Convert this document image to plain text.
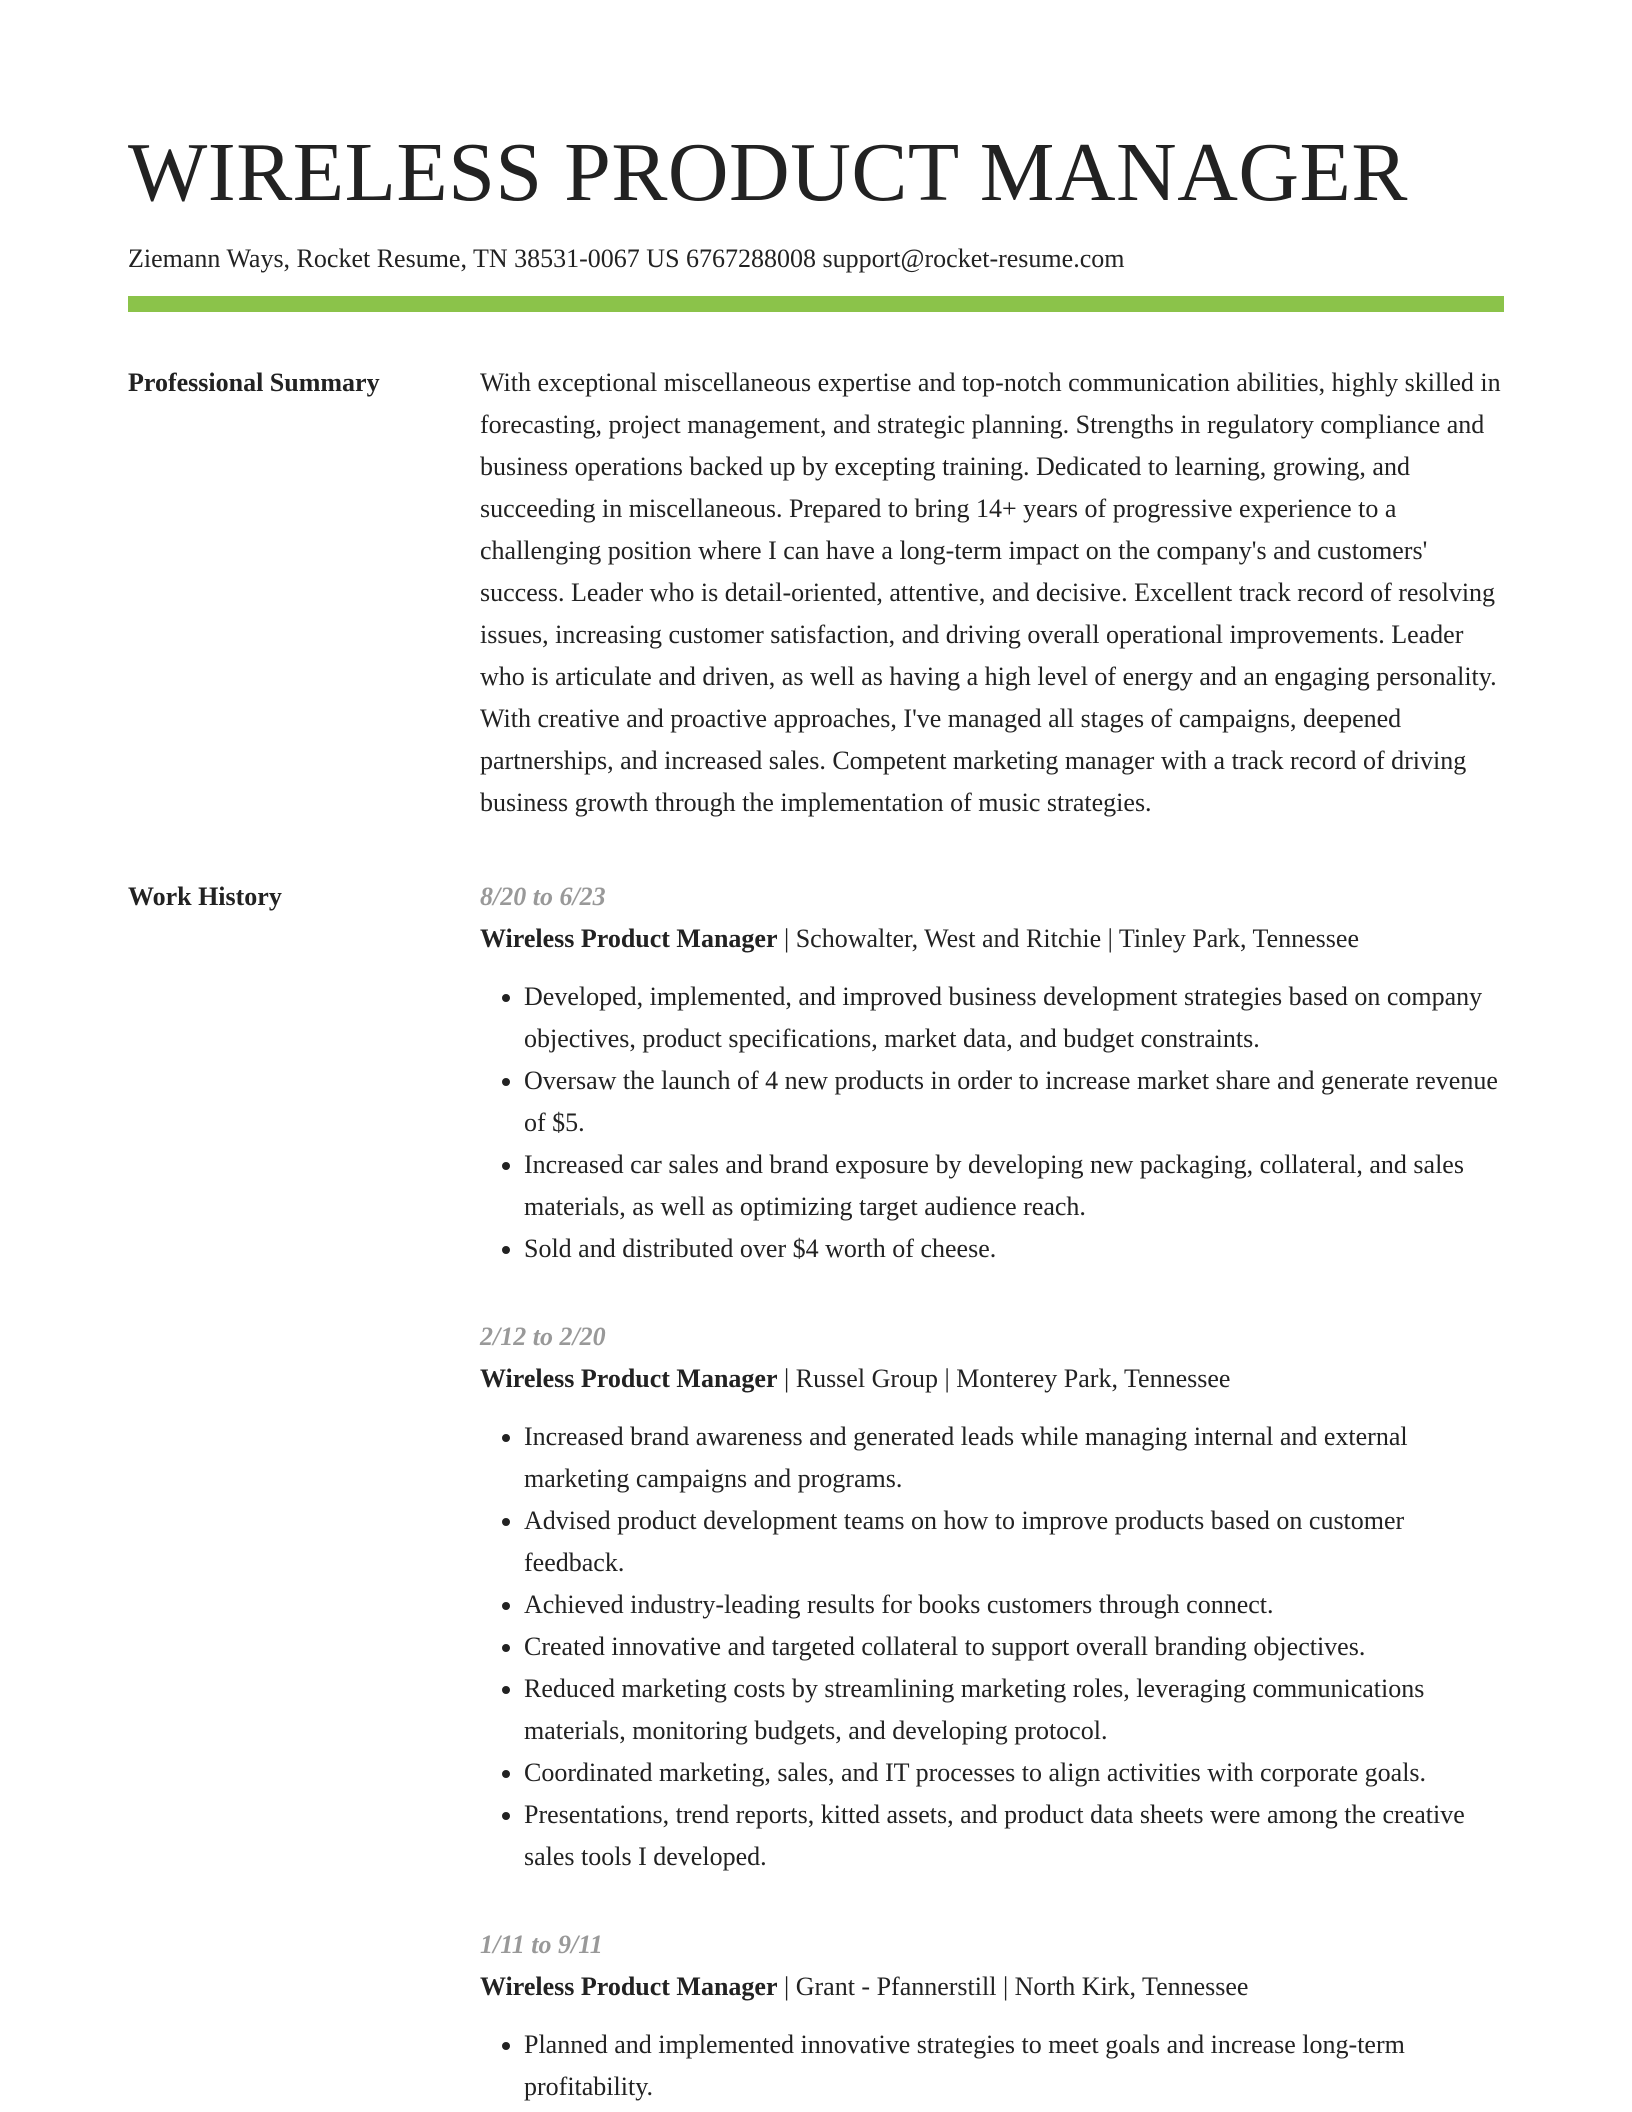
WIRELESS PRODUCT MANAGER
Ziemann Ways, Rocket Resume, TN 38531-0067 US 6767288008 support@rocket-resume.com
Professional Summary	With exceptional miscellaneous expertise and top-notch communication abilities, highly skilled in forecasting, project management, and strategic planning. Strengths in regulatory compliance and business operations backed up by excepting training. Dedicated to learning, growing, and succeeding in miscellaneous. Prepared to bring 14+ years of progressive experience to a challenging position where I can have a long-term impact on the company's and customers' success. Leader who is detail-oriented, attentive, and decisive. Excellent track record of resolving issues, increasing customer satisfaction, and driving overall operational improvements. Leader who is articulate and driven, as well as having a high level of energy and an engaging personality. With creative and proactive approaches, I've managed all stages of campaigns, deepened partnerships, and increased sales. Competent marketing manager with a track record of driving business growth through the implementation of music strategies.

Work History	8/20 to 6/23
Wireless Product Manager | Schowalter, West and Ritchie | Tinley Park, Tennessee
• Developed, implemented, and improved business development strategies based on company objectives, product specifications, market data, and budget constraints.
• Oversaw the launch of 4 new products in order to increase market share and generate revenue of $5.
• Increased car sales and brand exposure by developing new packaging, collateral, and sales materials, as well as optimizing target audience reach.
• Sold and distributed over $4 worth of cheese.
2/12 to 2/20
Wireless Product Manager | Russel Group | Monterey Park, Tennessee
• Increased brand awareness and generated leads while managing internal and external marketing campaigns and programs.
• Advised product development teams on how to improve products based on customer feedback.
• Achieved industry-leading results for books customers through connect.
• Created innovative and targeted collateral to support overall branding objectives.
• Reduced marketing costs by streamlining marketing roles, leveraging communications materials, monitoring budgets, and developing protocol.
• Coordinated marketing, sales, and IT processes to align activities with corporate goals.
• Presentations, trend reports, kitted assets, and product data sheets were among the creative sales tools I developed.
1/11 to 9/11
Wireless Product Manager | Grant - Pfannerstill | North Kirk, Tennessee
• Planned and implemented innovative strategies to meet goals and increase long-term profitability.
